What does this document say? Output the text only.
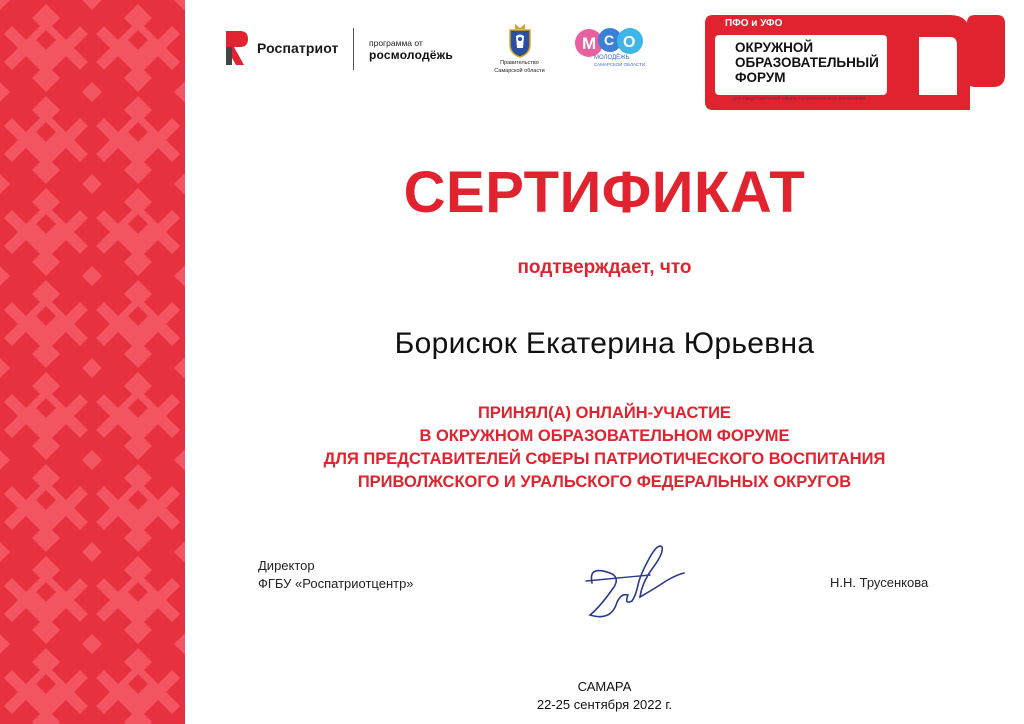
Роспатриот	программа от
росмолодёжь
Правительство
Самарской области
М С О
МОЛОДЁЖЬ
САМАРСКОЙ ОБЛАСТИ
ПФО и УФО
ОКРУЖНОЙ
ОБРАЗОВАТЕЛЬНЫЙ
ФОРУМ
для представителей сферы патриотического воспитания
СЕРТИФИКАТ
подтверждает, что
Борисюк Екатерина Юрьевна
ПРИНЯЛ(А) ОНЛАЙН-УЧАСТИЕ
В ОКРУЖНОМ ОБРАЗОВАТЕЛЬНОМ ФОРУМЕ
ДЛЯ ПРЕДСТАВИТЕЛЕЙ СФЕРЫ ПАТРИОТИЧЕСКОГО ВОСПИТАНИЯ
ПРИВОЛЖСКОГО И УРАЛЬСКОГО ФЕДЕРАЛЬНЫХ ОКРУГОВ
Директор
ФГБУ «Роспатриотцентр»	Н.Н. Трусенкова
САМАРА
22-25 сентября 2022 г.
